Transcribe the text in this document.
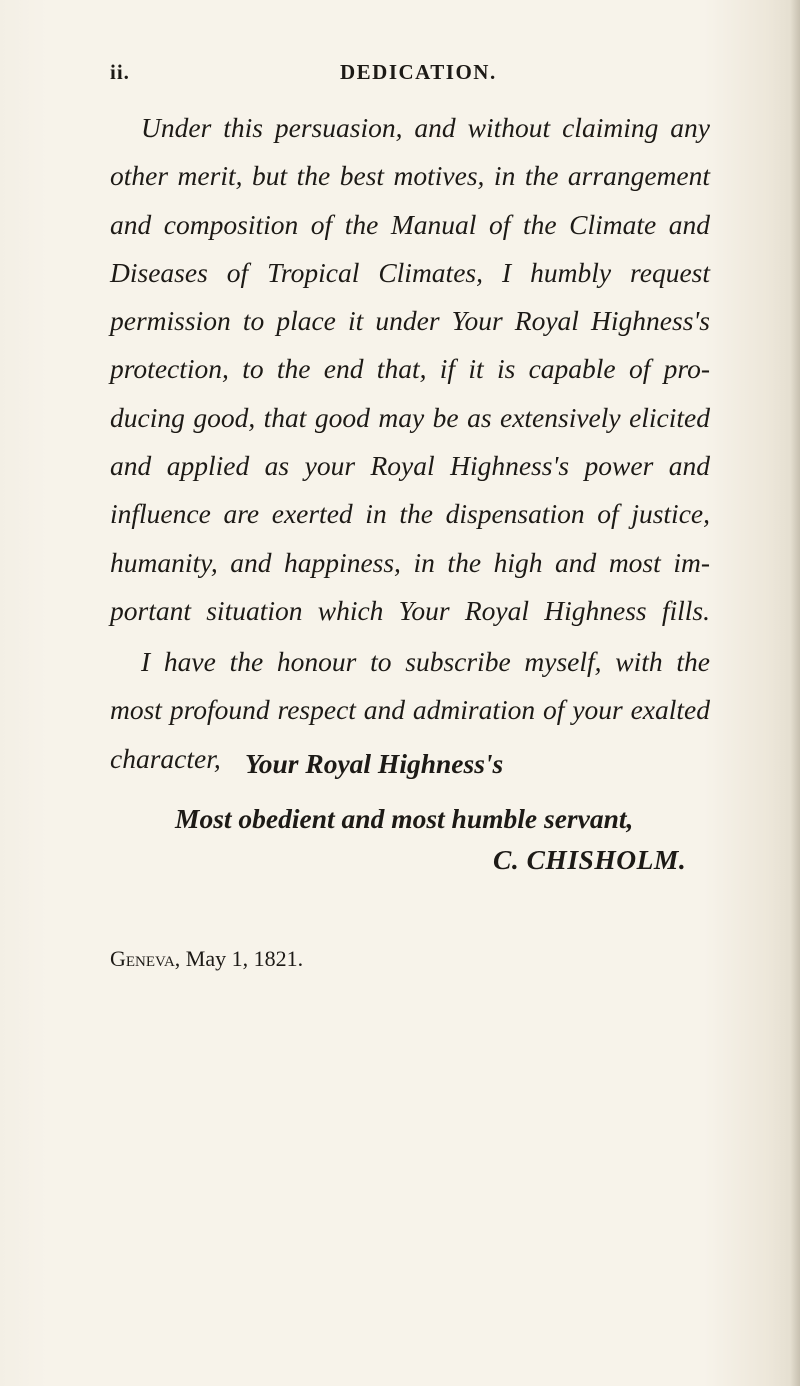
ii.	DEDICATION.
Under this persuasion, and without claiming any
other merit, but the best motives, in the arrangement
and composition of the Manual of the Climate and
Diseases of Tropical Climates, I humbly request
permission to place it under Your Royal Highness's
protection, to the end that, if it is capable of pro-
ducing good, that good may be as extensively elicited
and applied as your Royal Highness's power and
influence are exerted in the dispensation of justice,
humanity, and happiness, in the high and most im-
portant situation which Your Royal Highness fills.
I have the honour to subscribe myself, with the
most profound respect and admiration of your exalted
character, Your Royal Highness's
Most obedient and most humble servant,
C. CHISHOLM.
Geneva, May 1, 1821.
